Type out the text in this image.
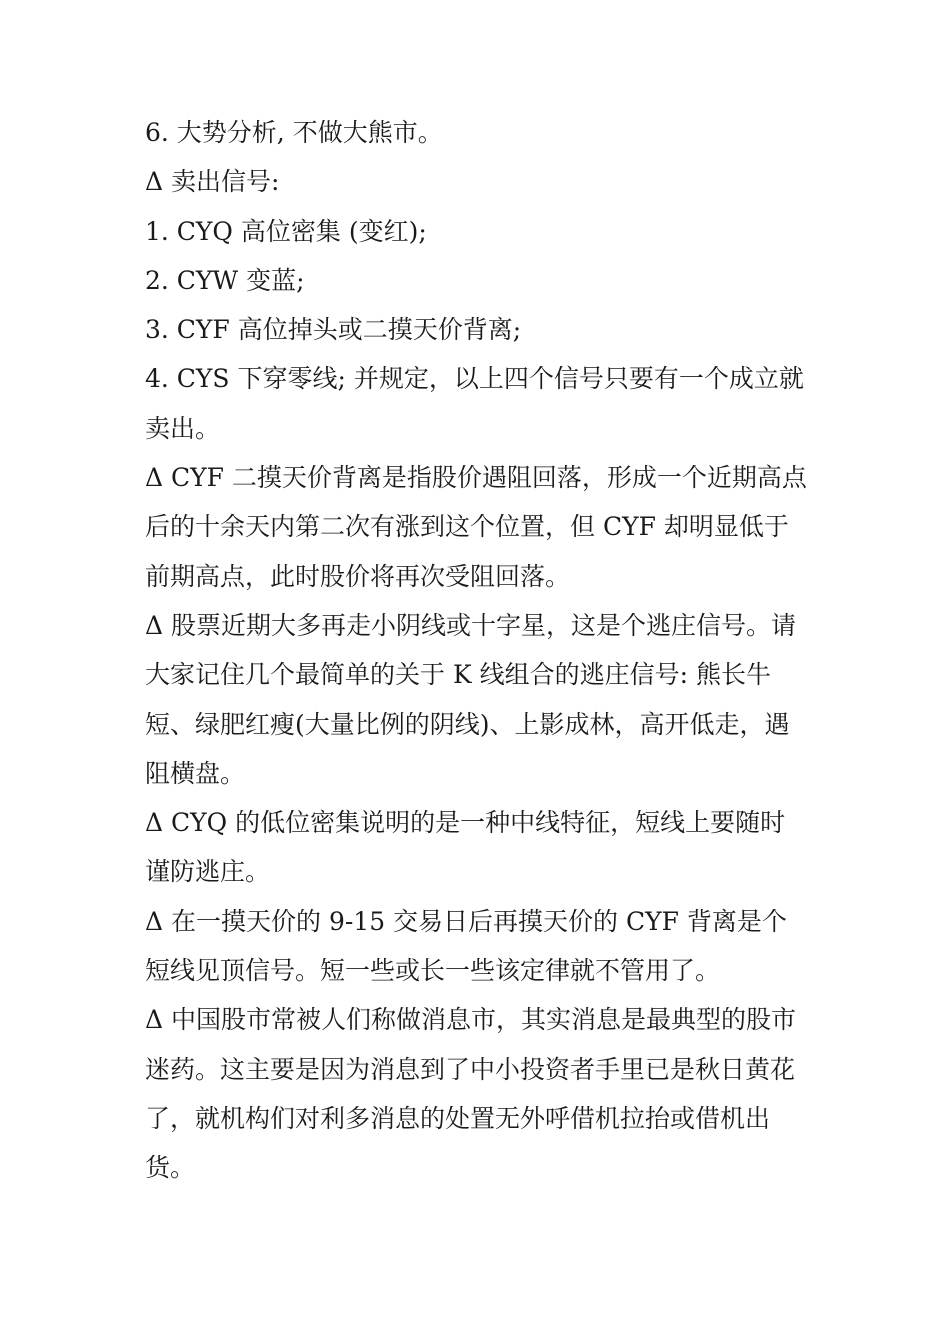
6. 大势分析, 不做大熊市。

Δ 卖出信号:

1. CYQ 高位密集 (变红);

2. CYW 变蓝;

3. CYF 高位掉头或二摸天价背离;

4. CYS 下穿零线; 并规定，以上四个信号只要有一个成立就卖出。

Δ CYF 二摸天价背离是指股价遇阻回落，形成一个近期高点后的十余天内第二次有涨到这个位置，但 CYF 却明显低于前期高点，此时股价将再次受阻回落。

Δ 股票近期大多再走小阴线或十字星，这是个逃庄信号。请大家记住几个最简单的关于 K 线组合的逃庄信号: 熊长牛短、绿肥红瘦(大量比例的阴线)、上影成林，高开低走，遇阻横盘。

Δ CYQ 的低位密集说明的是一种中线特征，短线上要随时谨防逃庄。

Δ 在一摸天价的 9-15 交易日后再摸天价的 CYF 背离是个短线见顶信号。短一些或长一些该定律就不管用了。

Δ 中国股市常被人们称做消息市，其实消息是最典型的股市迷药。这主要是因为消息到了中小投资者手里已是秋日黄花了，就机构们对利多消息的处置无外呼借机拉抬或借机出货。
